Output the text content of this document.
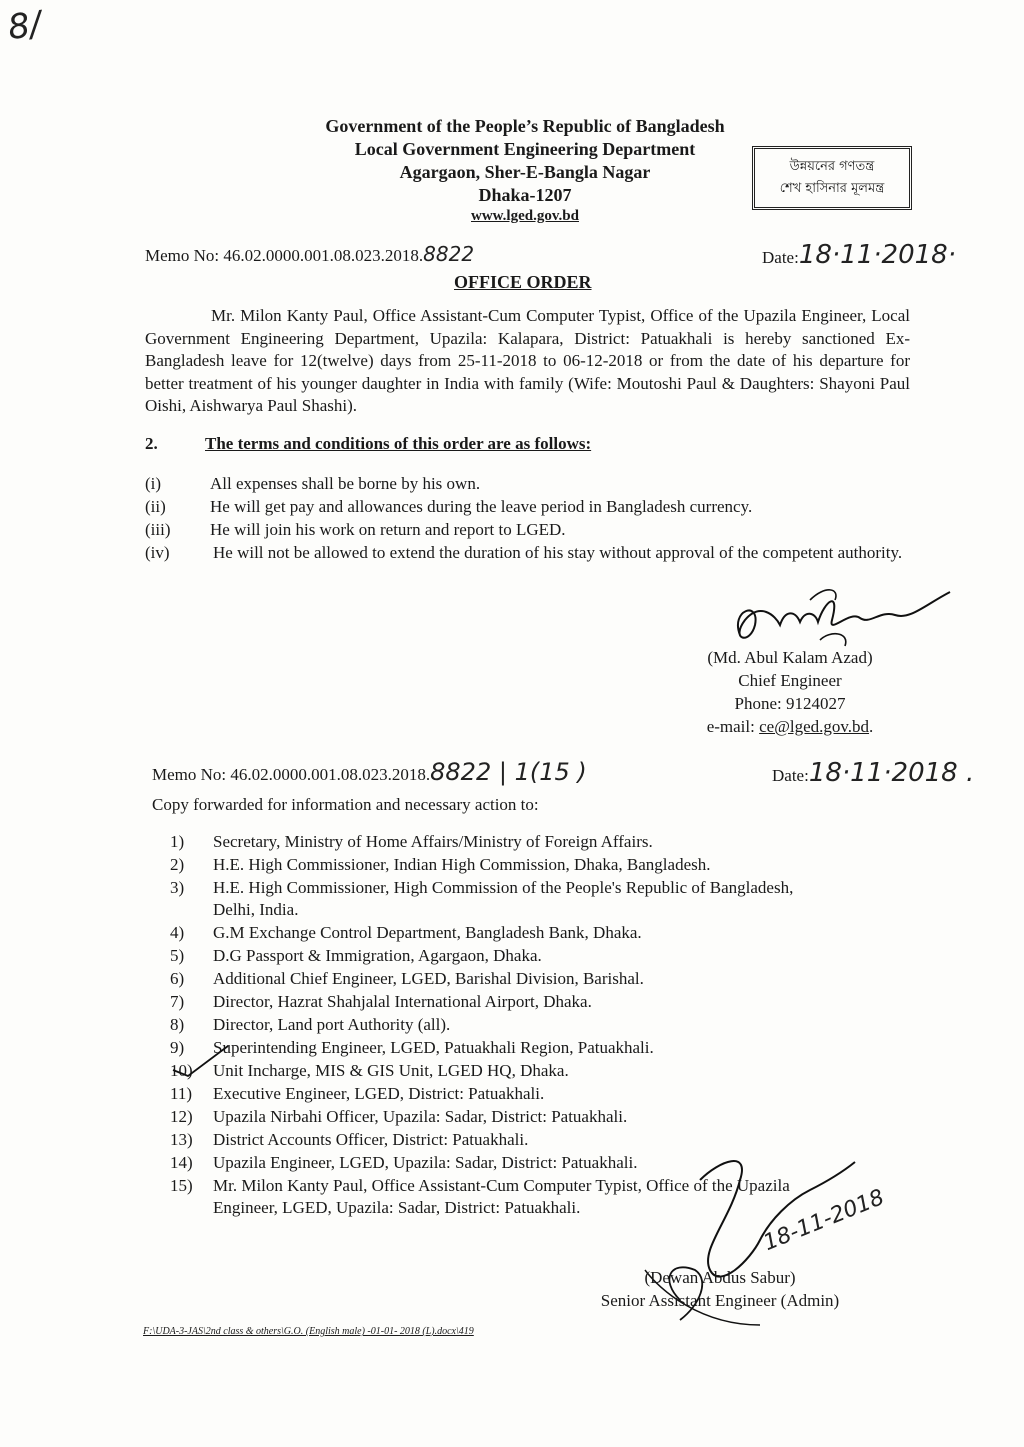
8/
Government of the People’s Republic of Bangladesh
Local Government Engineering Department
Agargaon, Sher-E-Bangla Nagar
Dhaka-1207
www.lged.gov.bd
উন্নয়নের গণতন্ত্র
শেখ হাসিনার মূলমন্ত্র
Memo No: 46.02.0000.001.08.023.2018.8822	Date:18·11·2018·
OFFICE ORDER
Mr. Milon Kanty Paul, Office Assistant-Cum Computer Typist, Office of the Upazila Engineer, Local Government Engineering Department, Upazila: Kalapara, District: Patuakhali is hereby sanctioned Ex-Bangladesh leave for 12(twelve) days from 25-11-2018 to 06-12-2018 or from the date of his departure for better treatment of his younger daughter in India with family (Wife: Moutoshi Paul & Daughters: Shayoni Paul Oishi, Aishwarya Paul Shashi).
2.	The terms and conditions of this order are as follows:
(i)	All expenses shall be borne by his own.
(ii)	He will get pay and allowances during the leave period in Bangladesh currency.
(iii) He will join his work on return and report to LGED.
(iv)	He will not be allowed to extend the duration of his stay without approval of the competent authority.
(Md. Abul Kalam Azad)
Chief Engineer
Phone: 9124027
e-mail: ce@lged.gov.bd.
Memo No: 46.02.0000.001.08.023.2018.8822 | 1(15 )	Date:18·11·2018 .
Copy forwarded for information and necessary action to:
1) Secretary, Ministry of Home Affairs/Ministry of Foreign Affairs.
2) H.E. High Commissioner, Indian High Commission, Dhaka, Bangladesh.
3) H.E. High Commissioner, High Commission of the People's Republic of Bangladesh, Delhi, India.
4) G.M Exchange Control Department, Bangladesh Bank, Dhaka.
5) D.G Passport & Immigration, Agargaon, Dhaka.
6) Additional Chief Engineer, LGED, Barishal Division, Barishal.
7) Director, Hazrat Shahjalal International Airport, Dhaka.
8) Director, Land port Authority (all).
9) Superintending Engineer, LGED, Patuakhali Region, Patuakhali.
10) Unit Incharge, MIS & GIS Unit, LGED HQ, Dhaka.
11) Executive Engineer, LGED, District: Patuakhali.
12) Upazila Nirbahi Officer, Upazila: Sadar, District: Patuakhali.
13) District Accounts Officer, District: Patuakhali.
14) Upazila Engineer, LGED, Upazila: Sadar, District: Patuakhali.
15) Mr. Milon Kanty Paul, Office Assistant-Cum Computer Typist, Office of the Upazila Engineer, LGED, Upazila: Sadar, District: Patuakhali.	18-11-2018
(Dewan Abdus Sabur)
Senior Assistant Engineer (Admin)
F:\UDA-3-JAS\2nd class & others\G.O. (English male) -01-01- 2018 (L).docx\419
